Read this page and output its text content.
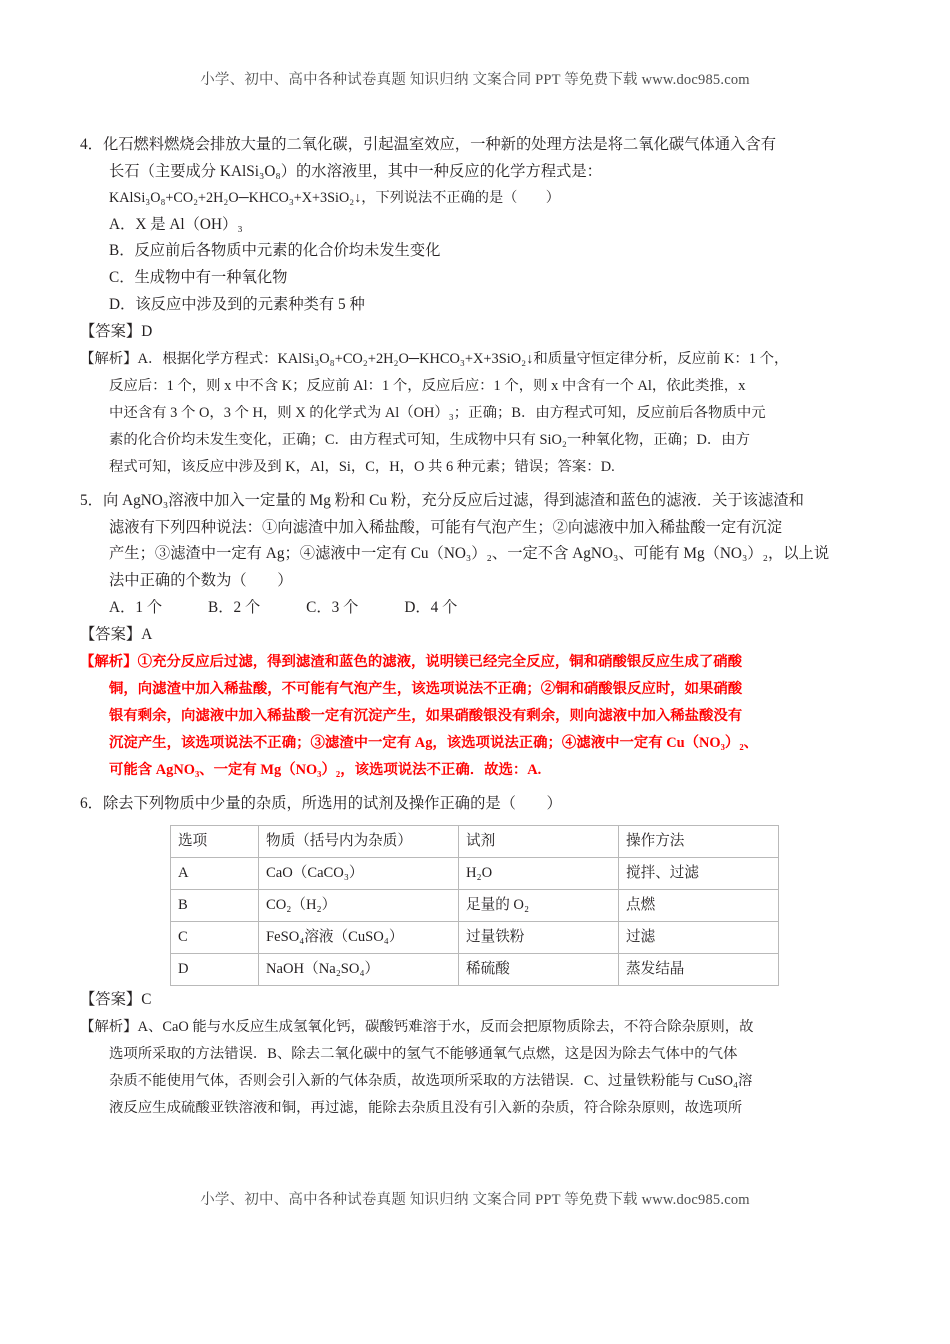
小学、初中、高中各种试卷真题 知识归纳 文案合同 PPT 等免费下载 www.doc985.com
4．化石燃料燃烧会排放大量的二氧化碳，引起温室效应，一种新的处理方法是将二氧化碳气体通入含有
长石（主要成分 KAlSi₃O₈）的水溶液里，其中一种反应的化学方程式是：
KAlSi₃O₈+CO₂+2H₂O─KHCO₃+X+3SiO₂↓，下列说法不正确的是（　　）
A．X 是 Al（OH）₃
B．反应前后各物质中元素的化合价均未发生变化
C．生成物中有一种氧化物
D．该反应中涉及到的元素种类有 5 种
【答案】D
【解析】A．根据化学方程式：KAlSi₃O₈+CO₂+2H₂O─KHCO₃+X+3SiO₂↓和质量守恒定律分析，反应前 K：1 个，
反应后：1 个，则 x 中不含 K；反应前 Al：1 个，反应后应：1 个，则 x 中含有一个 Al，依此类推，x
中还含有 3 个 O，3 个 H，则 X 的化学式为 Al（OH）₃；正确；B．由方程式可知，反应前后各物质中元
素的化合价均未发生变化，正确；C．由方程式可知，生成物中只有 SiO₂一种氧化物，正确；D．由方
程式可知，该反应中涉及到 K，Al，Si，C，H，O 共 6 种元素；错误；答案：D.
5．向 AgNO₃溶液中加入一定量的 Mg 粉和 Cu 粉，充分反应后过滤，得到滤渣和蓝色的滤液．关于该滤渣和
滤液有下列四种说法：①向滤渣中加入稀盐酸，可能有气泡产生；②向滤液中加入稀盐酸一定有沉淀
产生；③滤渣中一定有 Ag；④滤液中一定有 Cu（NO₃）₂、一定不含 AgNO₃、可能有 Mg（NO₃）₂，以上说
法中正确的个数为（　　）
A．1 个　　　B．2 个　　　C．3 个　　　D．4 个
【答案】A
【解析】①充分反应后过滤，得到滤渣和蓝色的滤液，说明镁已经完全反应，铜和硝酸银反应生成了硝酸
铜，向滤渣中加入稀盐酸，不可能有气泡产生，该选项说法不正确；②铜和硝酸银反应时，如果硝酸
银有剩余，向滤液中加入稀盐酸一定有沉淀产生，如果硝酸银没有剩余，则向滤液中加入稀盐酸没有
沉淀产生，该选项说法不正确；③滤渣中一定有 Ag，该选项说法正确；④滤液中一定有 Cu（NO₃）₂、
可能含 AgNO₃、一定有 Mg（NO₃）₂，该选项说法不正确．故选：A.
6．除去下列物质中少量的杂质，所选用的试剂及操作正确的是（　　）
选项	物质（括号内为杂质）	试剂	操作方法
A	CaO（CaCO₃）	H₂O	搅拌、过滤
B	CO₂（H₂）	足量的 O₂	点燃
C	FeSO₄溶液（CuSO₄）	过量铁粉	过滤
D	NaOH（Na₂SO₄）	稀硫酸	蒸发结晶
【答案】C
【解析】A、CaO 能与水反应生成氢氧化钙，碳酸钙难溶于水，反而会把原物质除去，不符合除杂原则，故
选项所采取的方法错误．B、除去二氧化碳中的氢气不能够通氧气点燃，这是因为除去气体中的气体
杂质不能使用气体，否则会引入新的气体杂质，故选项所采取的方法错误．C、过量铁粉能与 CuSO₄溶
液反应生成硫酸亚铁溶液和铜，再过滤，能除去杂质且没有引入新的杂质，符合除杂原则，故选项所
小学、初中、高中各种试卷真题 知识归纳 文案合同 PPT 等免费下载 www.doc985.com
